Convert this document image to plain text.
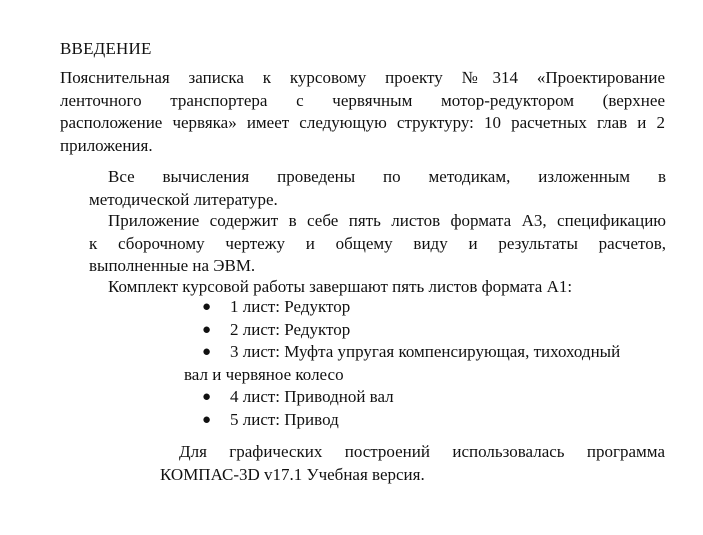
ВВЕДЕНИЕ
Пояснительная записка к курсовому проекту №314 «Проектирование
ленточного транспортера с червячным мотор-редуктором (верхнее
расположение червяка» имеет следующую структуру: 10 расчетных глав и 2
приложения.
Все вычисления проведены по методикам, изложенным в
методической литературе.
Приложение содержит в себе пять листов формата А3, спецификацию
к сборочному чертежу и общему виду и результаты расчетов,
выполненные на ЭВМ.
Комплект курсовой работы завершают пять листов формата А1:
● 1 лист: Редуктор
● 2 лист: Редуктор
● 3 лист: Муфта упругая компенсирующая, тихоходный
вал и червяное колесо
● 4 лист: Приводной вал
● 5 лист: Привод
Для графических построений использовалась программа
КОМПАС-3D v17.1 Учебная версия.
